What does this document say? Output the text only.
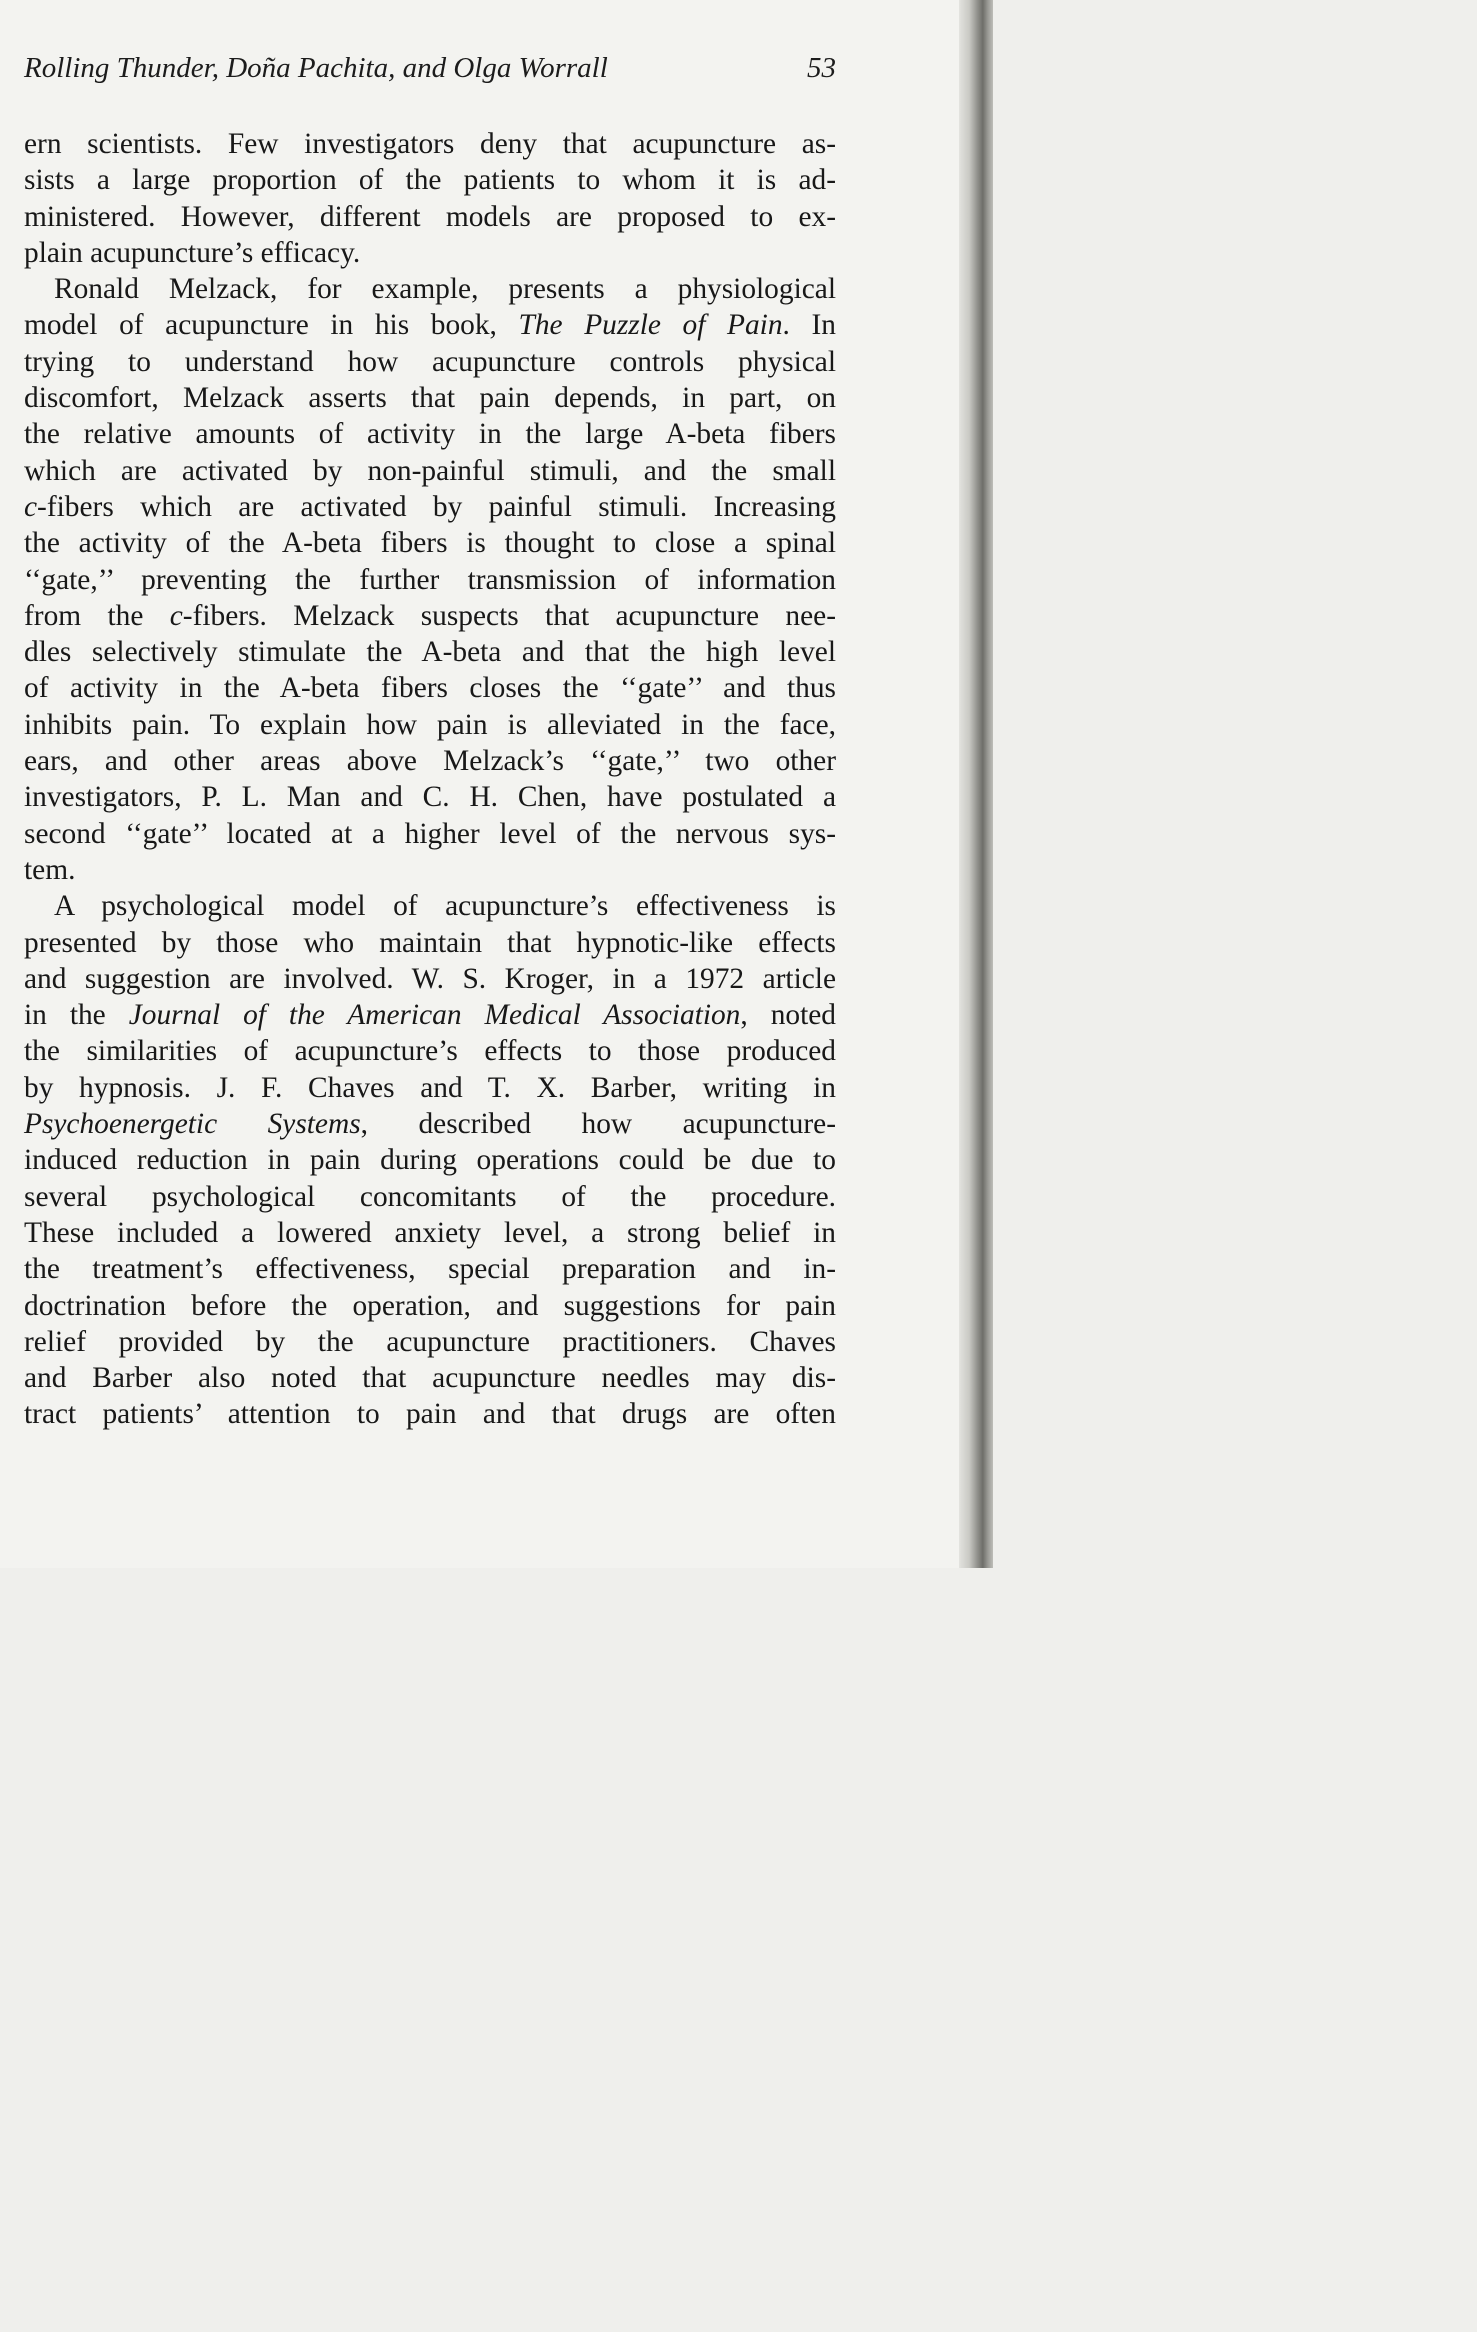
Rolling Thunder, Doña Pachita, and Olga Worrall	53

ern scientists. Few investigators deny that acupuncture as-
sists a large proportion of the patients to whom it is ad-
ministered. However, different models are proposed to ex-
plain acupuncture’s efficacy.

Ronald Melzack, for example, presents a physiological
model of acupuncture in his book, The Puzzle of Pain. In
trying to understand how acupuncture controls physical
discomfort, Melzack asserts that pain depends, in part, on
the relative amounts of activity in the large A-beta fibers
which are activated by non-painful stimuli, and the small
c-fibers which are activated by painful stimuli. Increasing
the activity of the A-beta fibers is thought to close a spinal
‘‘gate,’’ preventing the further transmission of information
from the c-fibers. Melzack suspects that acupuncture nee-
dles selectively stimulate the A-beta and that the high level
of activity in the A-beta fibers closes the ‘‘gate’’ and thus
inhibits pain. To explain how pain is alleviated in the face,
ears, and other areas above Melzack’s ‘‘gate,’’ two other
investigators, P. L. Man and C. H. Chen, have postulated a
second ‘‘gate’’ located at a higher level of the nervous sys-
tem.

A psychological model of acupuncture’s effectiveness is
presented by those who maintain that hypnotic-like effects
and suggestion are involved. W. S. Kroger, in a 1972 article
in the Journal of the American Medical Association, noted
the similarities of acupuncture’s effects to those produced
by hypnosis. J. F. Chaves and T. X. Barber, writing in
Psychoenergetic Systems, described how acupuncture-
induced reduction in pain during operations could be due to
several psychological concomitants of the procedure.
These included a lowered anxiety level, a strong belief in
the treatment’s effectiveness, special preparation and in-
doctrination before the operation, and suggestions for pain
relief provided by the acupuncture practitioners. Chaves
and Barber also noted that acupuncture needles may dis-
tract patients’ attention to pain and that drugs are often
